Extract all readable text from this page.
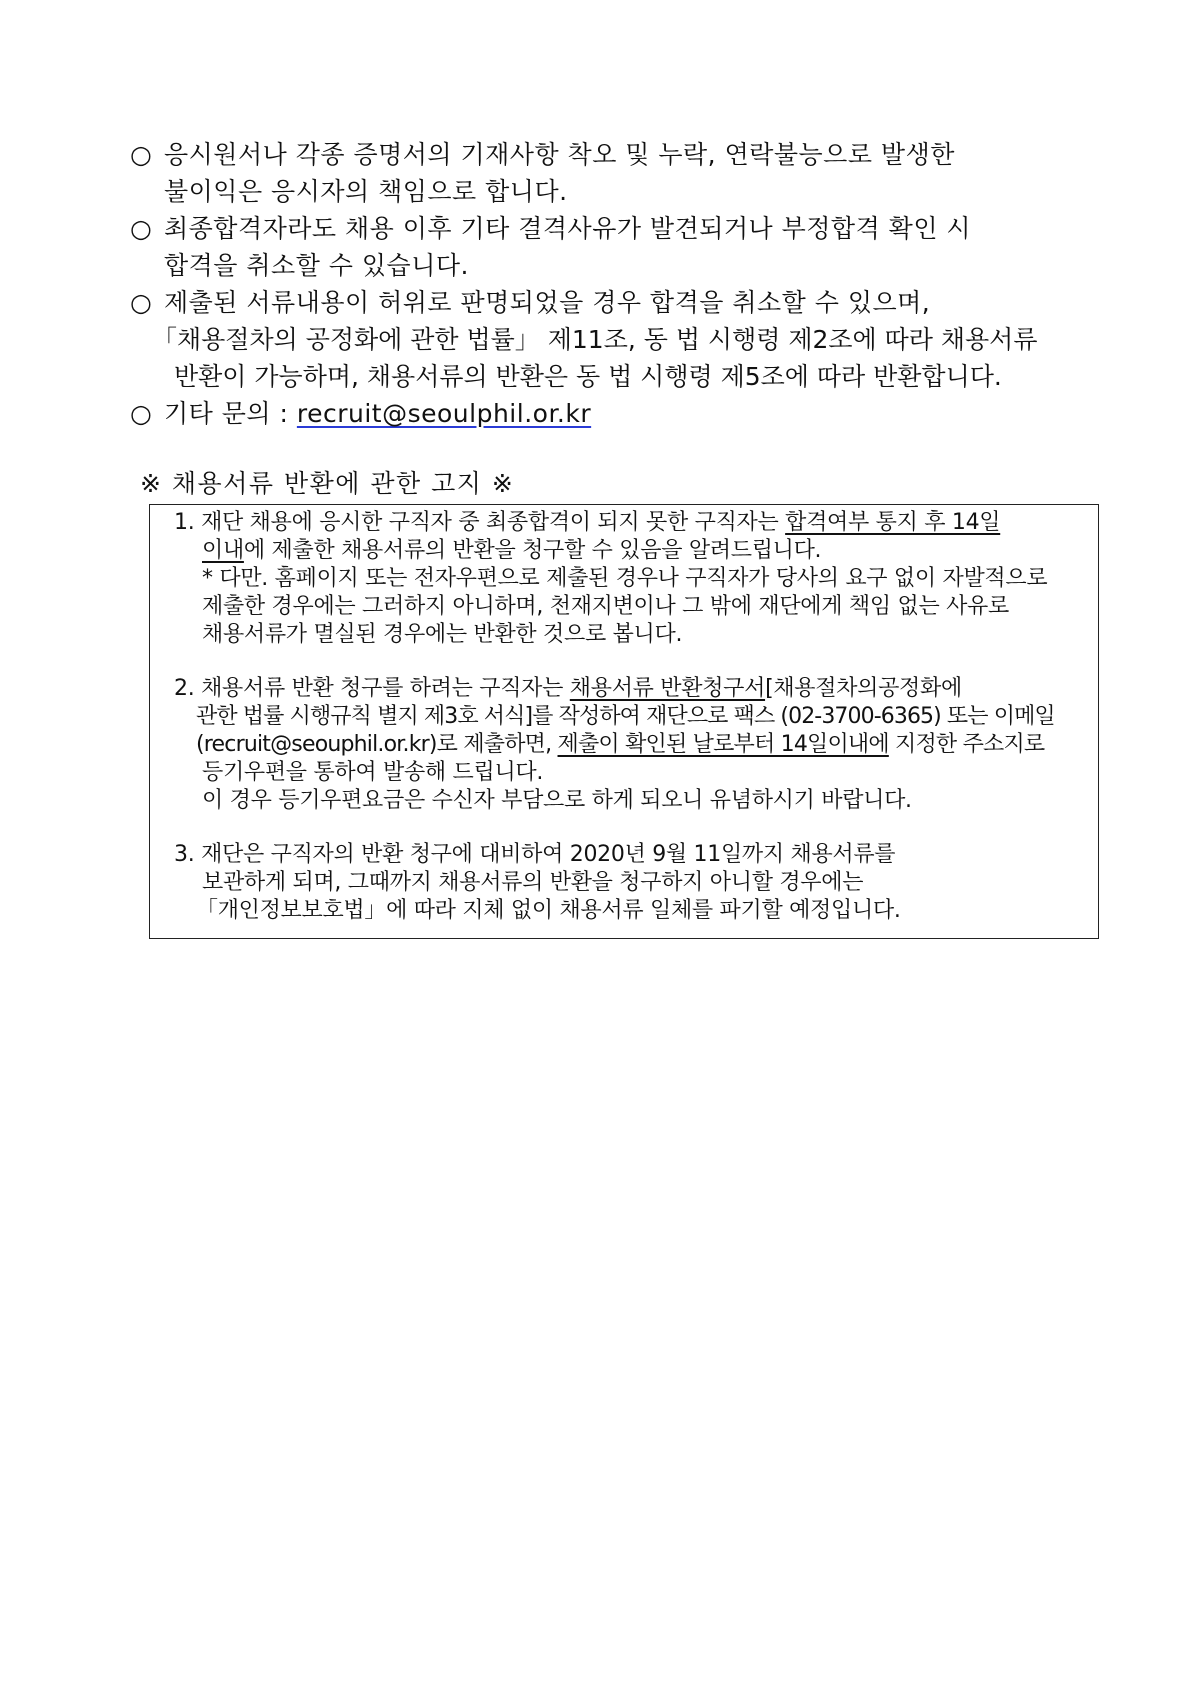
○ 응시원서나 각종 증명서의 기재사항 착오 및 누락, 연락불능으로 발생한
불이익은 응시자의 책임으로 합니다.
○ 최종합격자라도 채용 이후 기타 결격사유가 발견되거나 부정합격 확인 시
합격을 취소할 수 있습니다.
○ 제출된 서류내용이 허위로 판명되었을 경우 합격을 취소할 수 있으며,
「채용절차의 공정화에 관한 법률」 제11조, 동 법 시행령 제2조에 따라 채용서류
반환이 가능하며, 채용서류의 반환은 동 법 시행령 제5조에 따라 반환합니다.
○ 기타 문의 : recruit@seoulphil.or.kr
※ 채용서류 반환에 관한 고지 ※
1. 재단 채용에 응시한 구직자 중 최종합격이 되지 못한 구직자는 합격여부 통지 후 14일
이내에 제출한 채용서류의 반환을 청구할 수 있음을 알려드립니다.
* 다만. 홈페이지 또는 전자우편으로 제출된 경우나 구직자가 당사의 요구 없이 자발적으로
제출한 경우에는 그러하지 아니하며, 천재지변이나 그 밖에 재단에게 책임 없는 사유로
채용서류가 멸실된 경우에는 반환한 것으로 봅니다.
2. 채용서류 반환 청구를 하려는 구직자는 채용서류 반환청구서[채용절차의공정화에
관한 법률 시행규칙 별지 제3호 서식]를 작성하여 재단으로 팩스 (02-3700-6365) 또는 이메일
(recruit@seouphil.or.kr)로 제출하면, 제출이 확인된 날로부터 14일이내에 지정한 주소지로
등기우편을 통하여 발송해 드립니다.
이 경우 등기우편요금은 수신자 부담으로 하게 되오니 유념하시기 바랍니다.
3. 재단은 구직자의 반환 청구에 대비하여 2020년 9월 11일까지 채용서류를
보관하게 되며, 그때까지 채용서류의 반환을 청구하지 아니할 경우에는
「개인정보보호법」에 따라 지체 없이 채용서류 일체를 파기할 예정입니다.
